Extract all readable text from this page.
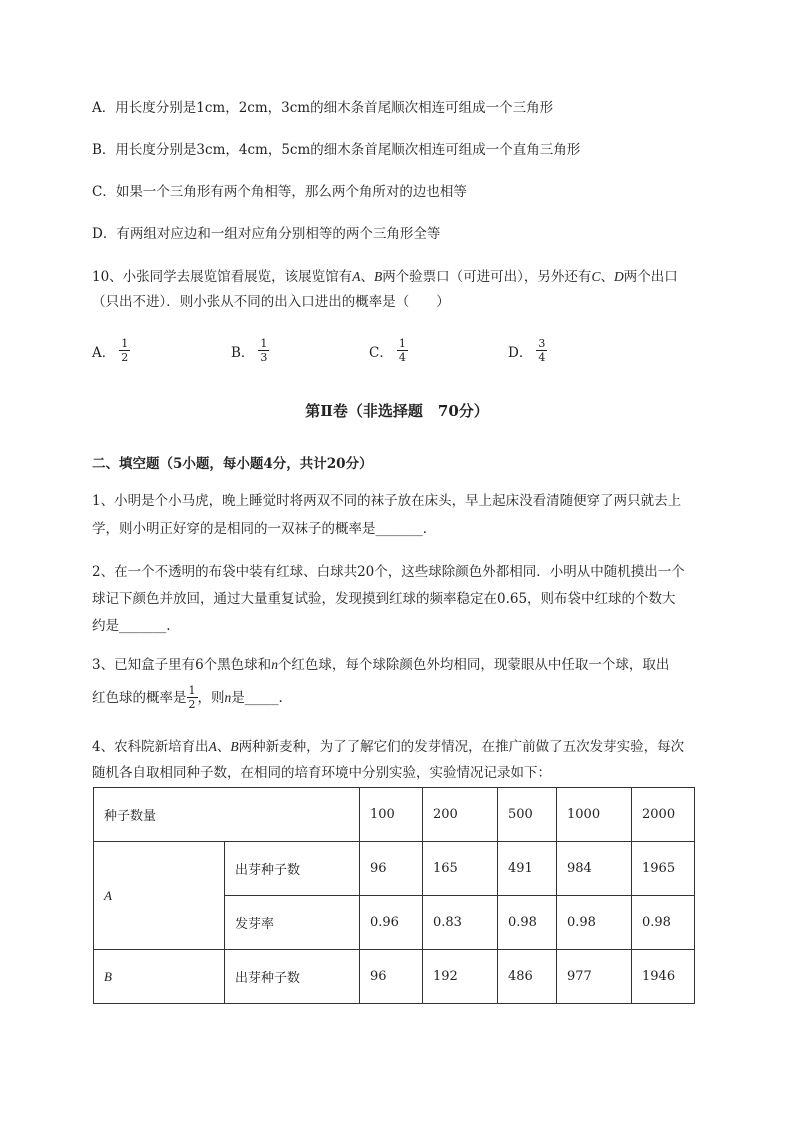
A．用长度分别是1cm，2cm，3cm的细木条首尾顺次相连可组成一个三角形
B．用长度分别是3cm，4cm，5cm的细木条首尾顺次相连可组成一个直角三角形
C．如果一个三角形有两个角相等，那么两个角所对的边也相等
D．有两组对应边和一组对应角分别相等的两个三角形全等
10、小张同学去展览馆看展览，该展览馆有A、B两个验票口（可进可出），另外还有C、D两个出口
（只出不进）．则小张从不同的出入口进出的概率是（　　）
A． $\frac{1}{2}$	B． $\frac{1}{3}$	C． $\frac{1}{4}$	D． $\frac{3}{4}$
第Ⅱ卷（非选择题　70分）
二、填空题（5小题，每小题4分，共计20分）
1、小明是个小马虎，晚上睡觉时将两双不同的袜子放在床头，早上起床没看清随便穿了两只就去上
学，则小明正好穿的是相同的一双袜子的概率是_______．
2、在一个不透明的布袋中装有红球、白球共20个，这些球除颜色外都相同．小明从中随机摸出一个
球记下颜色并放回，通过大量重复试验，发现摸到红球的频率稳定在0.65，则布袋中红球的个数大
约是_______.
3、已知盒子里有6个黑色球和n个红色球，每个球除颜色外均相同，现蒙眼从中任取一个球，取出
红色球的概率是 $\frac{1}{2}$ ，则 n 是_____.
4、农科院新培育出A、B两种新麦种，为了了解它们的发芽情况，在推广前做了五次发芽实验，每次
随机各自取相同种子数，在相同的培育环境中分别实验，实验情况记录如下：
种子数量		100	200	500	1000	2000
A	出芽种子数	96	165	491	984	1965
	发芽率	0.96	0.83	0.98	0.98	0.98
B	出芽种子数	96	192	486	977	1946
